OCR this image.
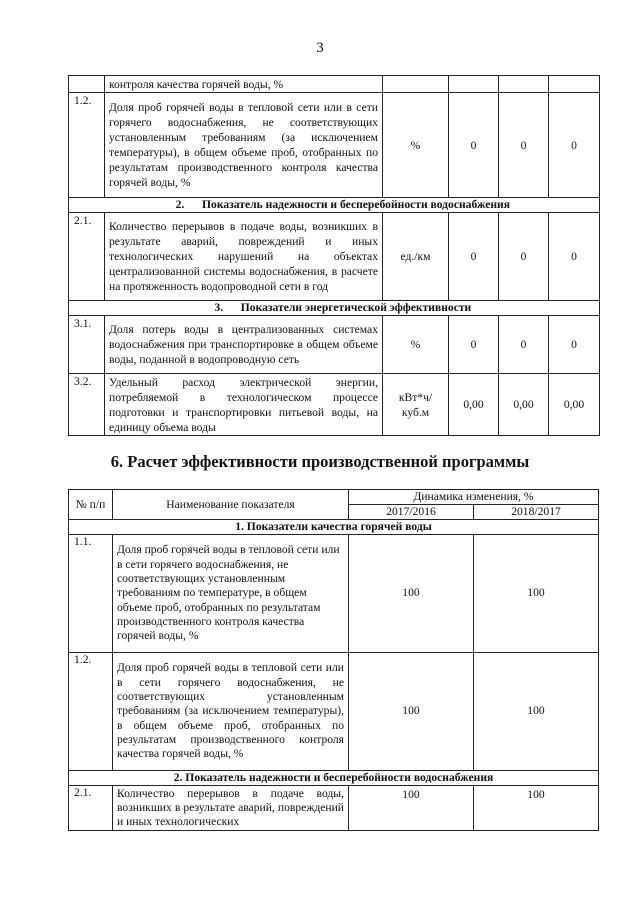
3
	контроля качества горячей воды, %				
1.2.	Доля проб горячей воды в тепловой сети или в сети горячего водоснабжения, не соответствующих установленным требованиям (за исключением температуры), в общем объеме проб, отобранных по результатам производственного контроля качества горячей воды, %	%	0	0	0
2. Показатель надежности и бесперебойности водоснабжения					
2.1.	Количество перерывов в подаче воды, возникших в результате аварий, повреждений и иных технологических нарушений на объектах централизованной системы водоснабжения, в расчете на протяженность водопроводной сети в год	ед./км	0	0	0
3. Показатели энергетической эффективности					
3.1.	Доля потерь воды в централизованных системах водоснабжения при транспортировке в общем объеме воды, поданной в водопроводную сеть	%	0	0	0
3.2.	Удельный расход электрической энергии, потребляемой в технологическом процессе подготовки и транспортировки питьевой воды, на единицу объема воды	кВт*ч/ куб.м	0,00	0,00	0,00
6. Расчет эффективности производственной программы
№ п/п	Наименование показателя	Динамика изменения, %	
		2017/2016	2018/2017
1. Показатели качества горячей воды			
1.1.	Доля проб горячей воды в тепловой сети или в сети горячего водоснабжения, не соответствующих установленным требованиям по температуре, в общем объеме проб, отобранных по результатам производственного контроля качества горячей воды, %	100	100
1.2.	Доля проб горячей воды в тепловой сети или в сети горячего водоснабжения, не соответствующих установленным требованиям (за исключением температуры), в общем объеме проб, отобранных по результатам производственного контроля качества горячей воды, %	100	100
2. Показатель надежности и бесперебойности водоснабжения			
2.1.	Количество перерывов в подаче воды, возникших в результате аварий, повреждений и иных технологических	100	100
